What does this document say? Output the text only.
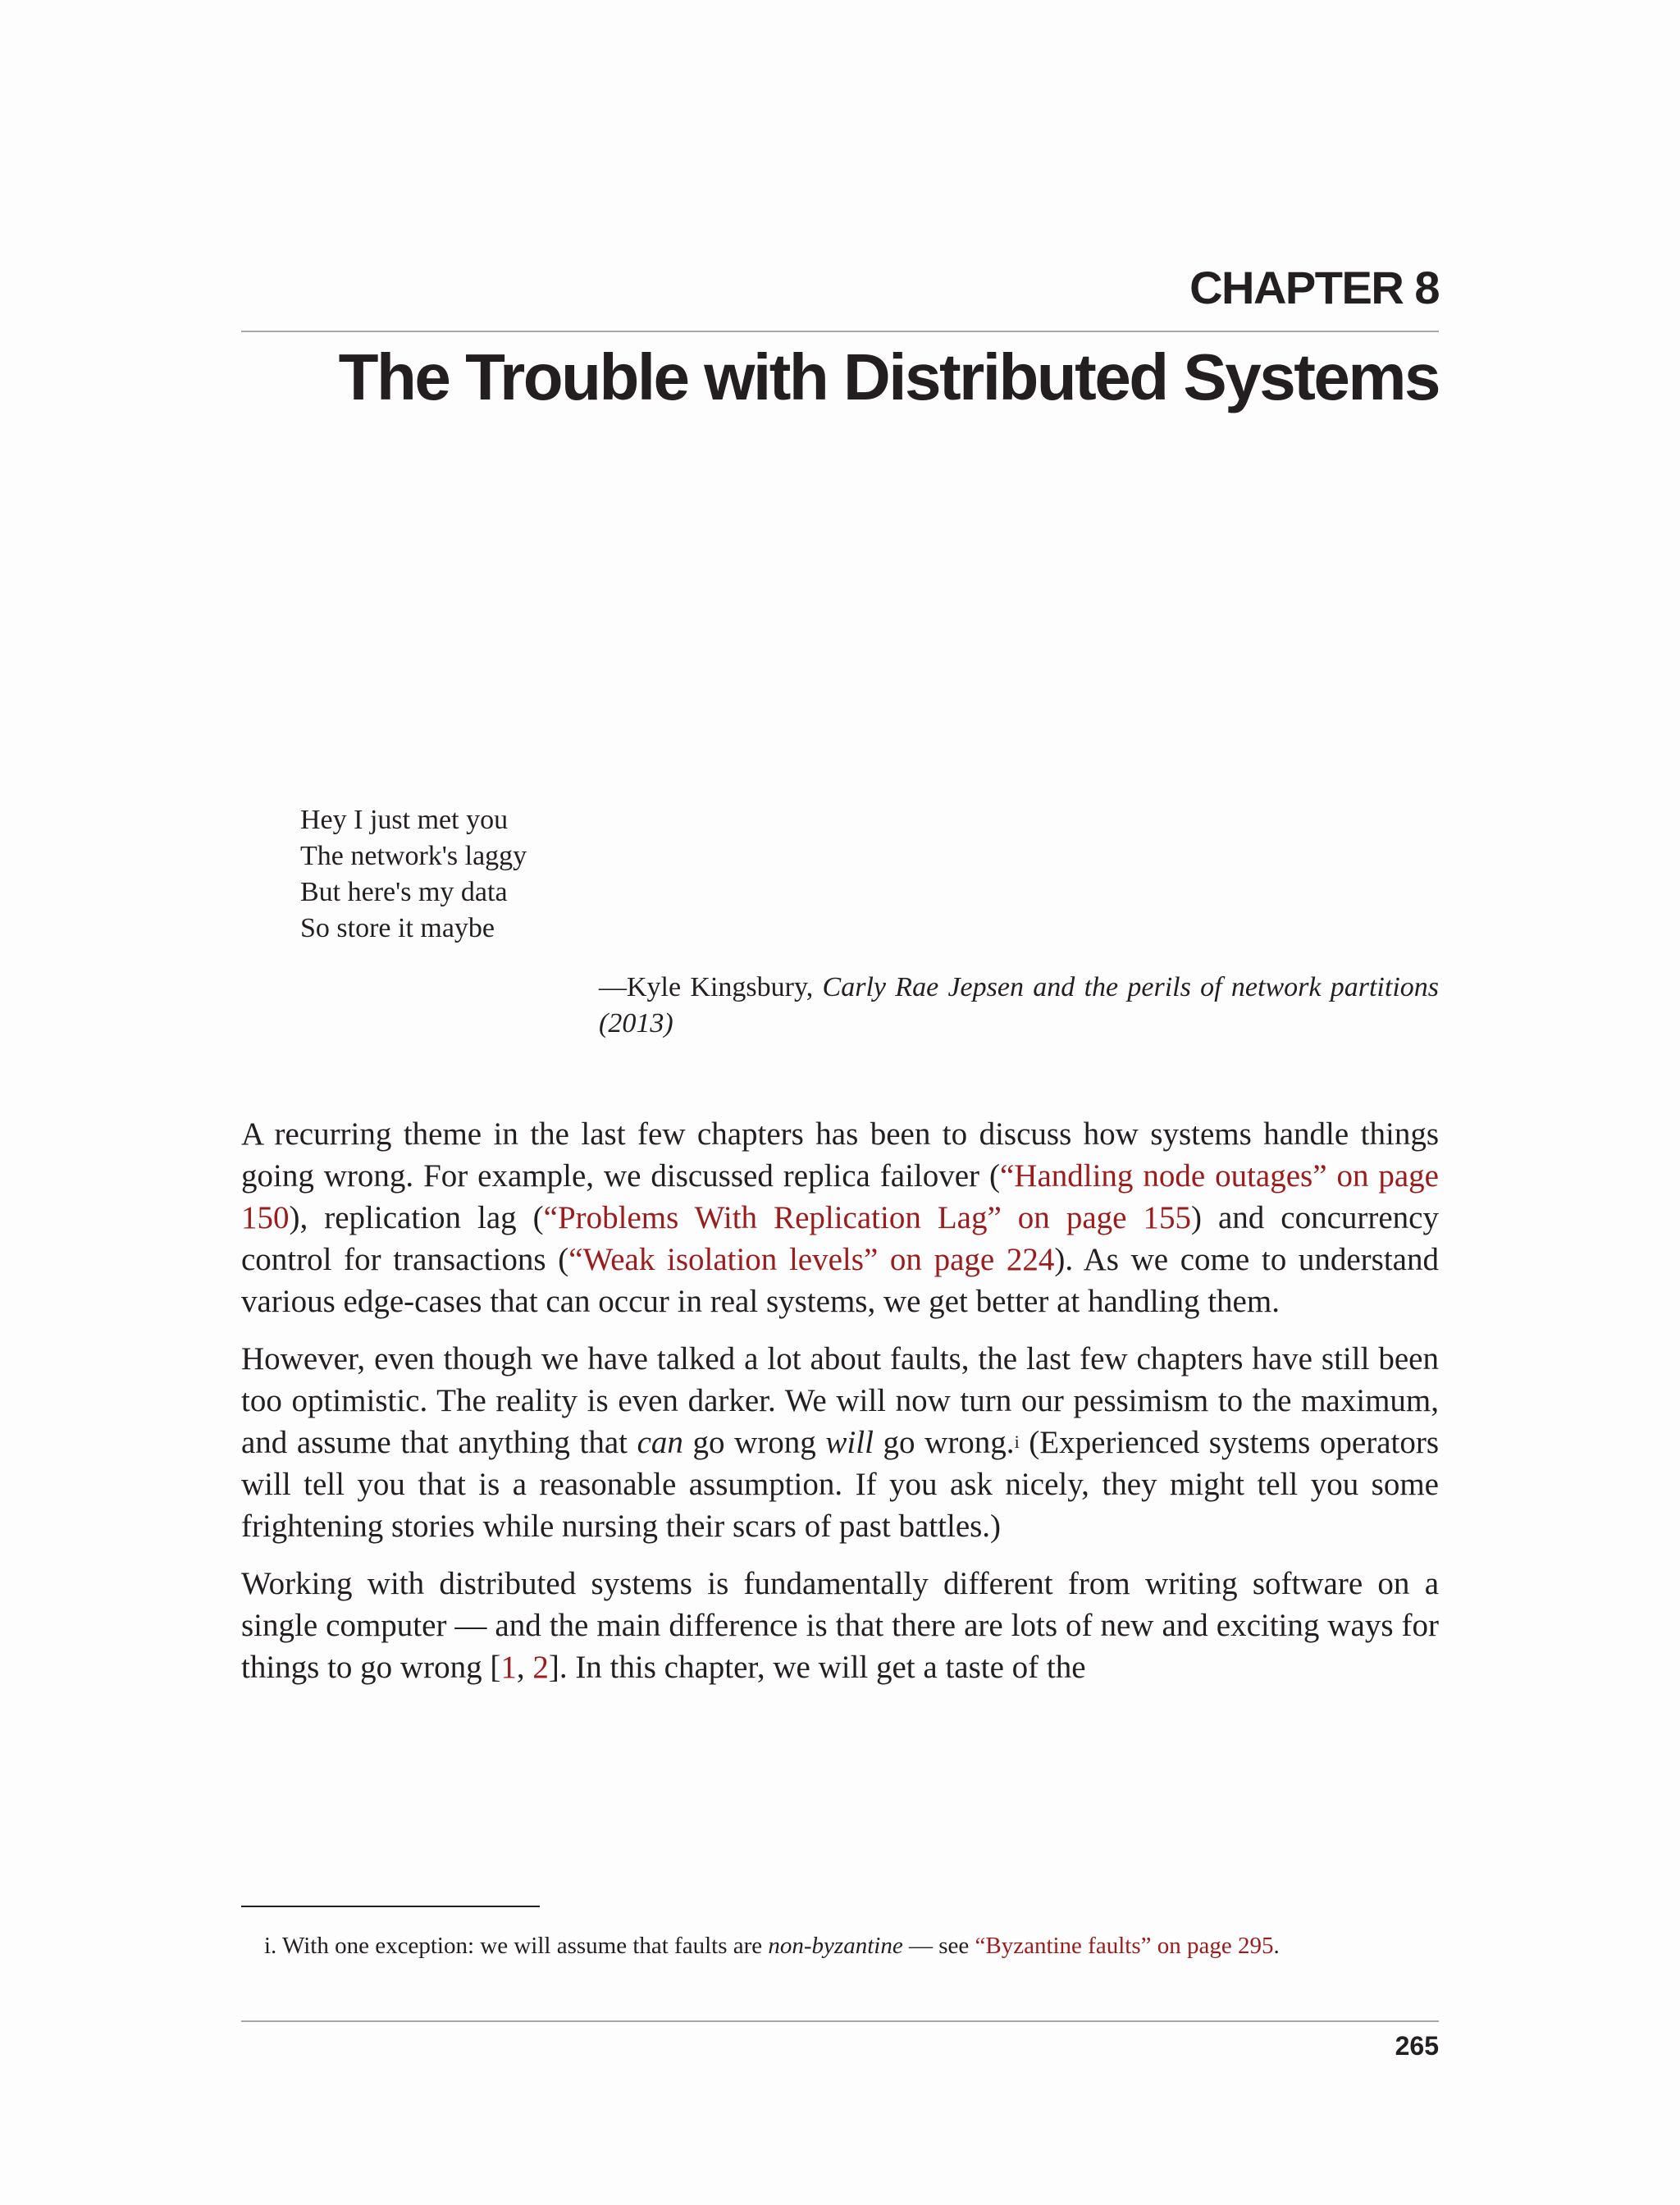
CHAPTER 8
The Trouble with Distributed Systems
Hey I just met you
The network's laggy
But here's my data
So store it maybe
—Kyle Kingsbury, Carly Rae Jepsen and the perils of network partitions (2013)

A recurring theme in the last few chapters has been to discuss how systems handle things going wrong. For example, we discussed replica failover (“Handling node outages” on page 150), replication lag (“Problems With Replication Lag” on page 155) and concurrency control for transactions (“Weak isolation levels” on page 224). As we come to understand various edge-cases that can occur in real systems, we get better at handling them.

However, even though we have talked a lot about faults, the last few chapters have still been too optimistic. The reality is even darker. We will now turn our pessimism to the maximum, and assume that anything that can go wrong will go wrong.$^i$ (Experienced systems operators will tell you that is a reasonable assumption. If you ask nicely, they might tell you some frightening stories while nursing their scars of past battles.)

Working with distributed systems is fundamentally different from writing software on a single computer — and the main difference is that there are lots of new and exciting ways for things to go wrong [1, 2]. In this chapter, we will get a taste of the

i. With one exception: we will assume that faults are non-byzantine — see “Byzantine faults” on page 295.
265
